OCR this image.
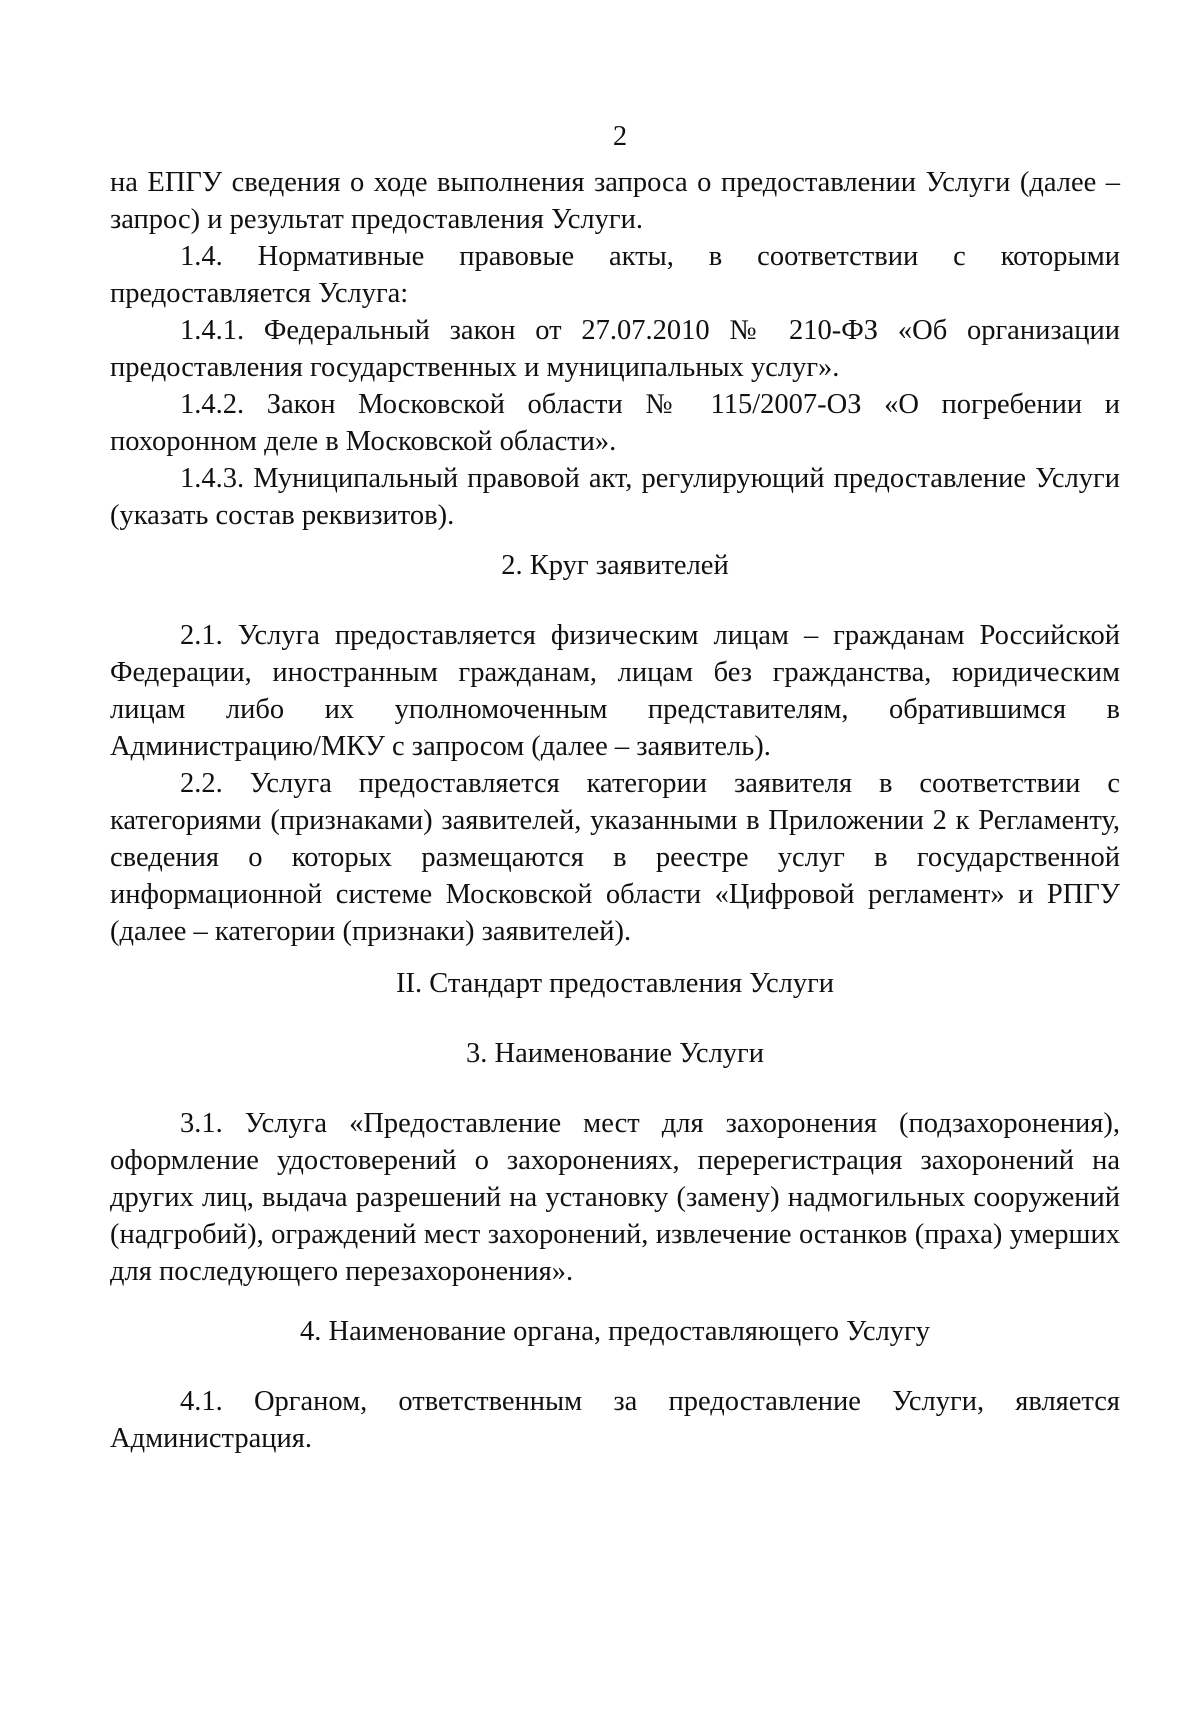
2

на ЕПГУ сведения о ходе выполнения запроса о предоставлении Услуги (далее – запрос) и результат предоставления Услуги.

1.4. Нормативные правовые акты, в соответствии с которыми предоставляется Услуга:

1.4.1. Федеральный закон от 27.07.2010 № 210-ФЗ «Об организации предоставления государственных и муниципальных услуг».

1.4.2. Закон Московской области № 115/2007-ОЗ «О погребении и похоронном деле в Московской области».

1.4.3. Муниципальный правовой акт, регулирующий предоставление Услуги (указать состав реквизитов).

2. Круг заявителей

2.1. Услуга предоставляется физическим лицам – гражданам Российской Федерации, иностранным гражданам, лицам без гражданства, юридическим лицам либо их уполномоченным представителям, обратившимся в Администрацию/МКУ с запросом (далее – заявитель).

2.2. Услуга предоставляется категории заявителя в соответствии с категориями (признаками) заявителей, указанными в Приложении 2 к Регламенту, сведения о которых размещаются в реестре услуг в государственной информационной системе Московской области «Цифровой регламент» и РПГУ (далее – категории (признаки) заявителей).

II. Стандарт предоставления Услуги
3. Наименование Услуги

3.1. Услуга «Предоставление мест для захоронения (подзахоронения), оформление удостоверений о захоронениях, перерегистрация захоронений на других лиц, выдача разрешений на установку (замену) надмогильных сооружений (надгробий), ограждений мест захоронений, извлечение останков (праха) умерших для последующего перезахоронения».

4. Наименование органа, предоставляющего Услугу

4.1. Органом, ответственным за предоставление Услуги, является Администрация.
